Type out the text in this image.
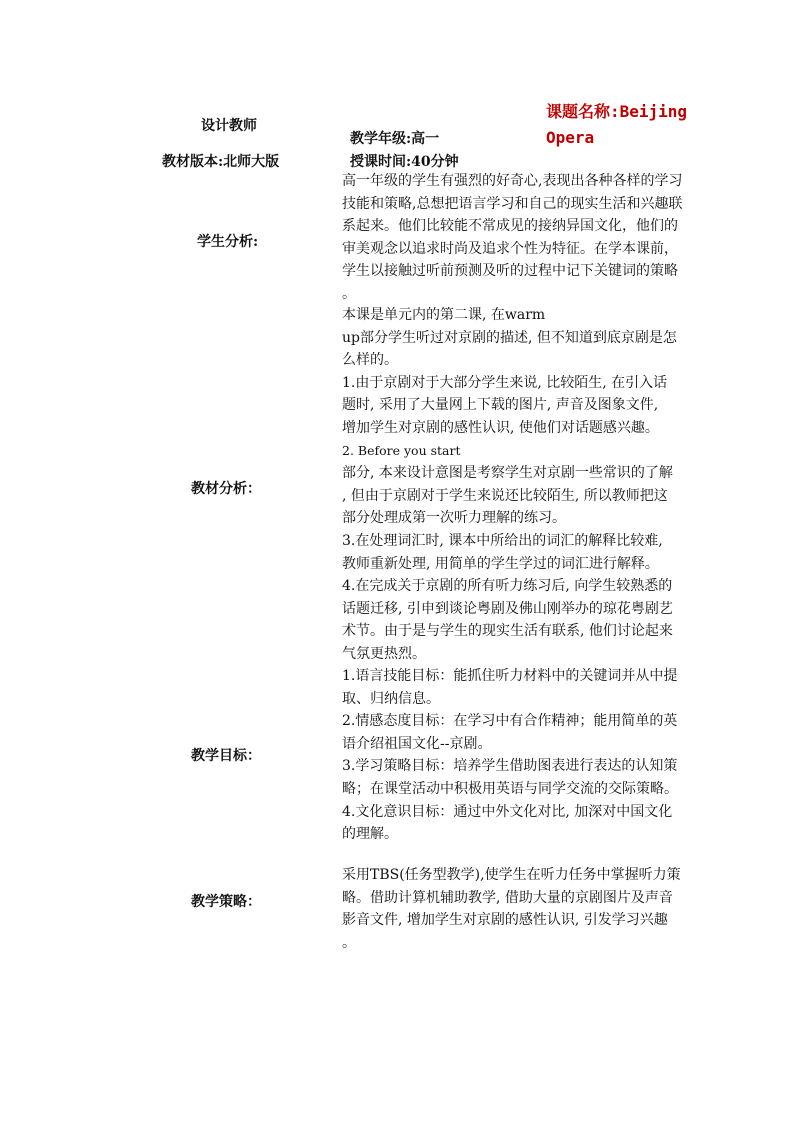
设计教师
课题名称:Beijing
Opera
教学年级:高一
教材版本:北师大版	授课时间:40分钟
学生分析:
高一年级的学生有强烈的好奇心,表现出各种各样的学习
技能和策略,总想把语言学习和自己的现实生活和兴趣联
系起来。他们比较能不常成见的接纳异国文化，他们的
审美观念以追求时尚及追求个性为特征。在学本课前，
学生以接触过听前预测及听的过程中记下关键词的策略
。
教材分析：
本课是单元内的第二课, 在warm
up部分学生听过对京剧的描述, 但不知道到底京剧是怎
么样的。
1.由于京剧对于大部分学生来说, 比较陌生, 在引入话
题时, 采用了大量网上下载的图片, 声音及图象文件,
增加学生对京剧的感性认识, 使他们对话题感兴趣。
2. Before you start
部分, 本来设计意图是考察学生对京剧一些常识的了解
, 但由于京剧对于学生来说还比较陌生, 所以教师把这
部分处理成第一次听力理解的练习。
3.在处理词汇时, 课本中所给出的词汇的解释比较难,
教师重新处理, 用简单的学生学过的词汇进行解释。
4.在完成关于京剧的所有听力练习后, 向学生较熟悉的
话题迁移, 引申到谈论粤剧及佛山刚举办的琼花粤剧艺
术节。由于是与学生的现实生活有联系, 他们讨论起来
气氛更热烈。
教学目标：
1.语言技能目标：能抓住听力材料中的关键词并从中提
取、归纳信息。
2.情感态度目标：在学习中有合作精神；能用简单的英
语介绍祖国文化--京剧。
3.学习策略目标：培养学生借助图表进行表达的认知策
略；在课堂活动中积极用英语与同学交流的交际策略。
4.文化意识目标：通过中外文化对比, 加深对中国文化
的理解。
教学策略：
采用TBS(任务型教学),使学生在听力任务中掌握听力策
略。借助计算机辅助教学, 借助大量的京剧图片及声音
影音文件, 增加学生对京剧的感性认识, 引发学习兴趣
。
